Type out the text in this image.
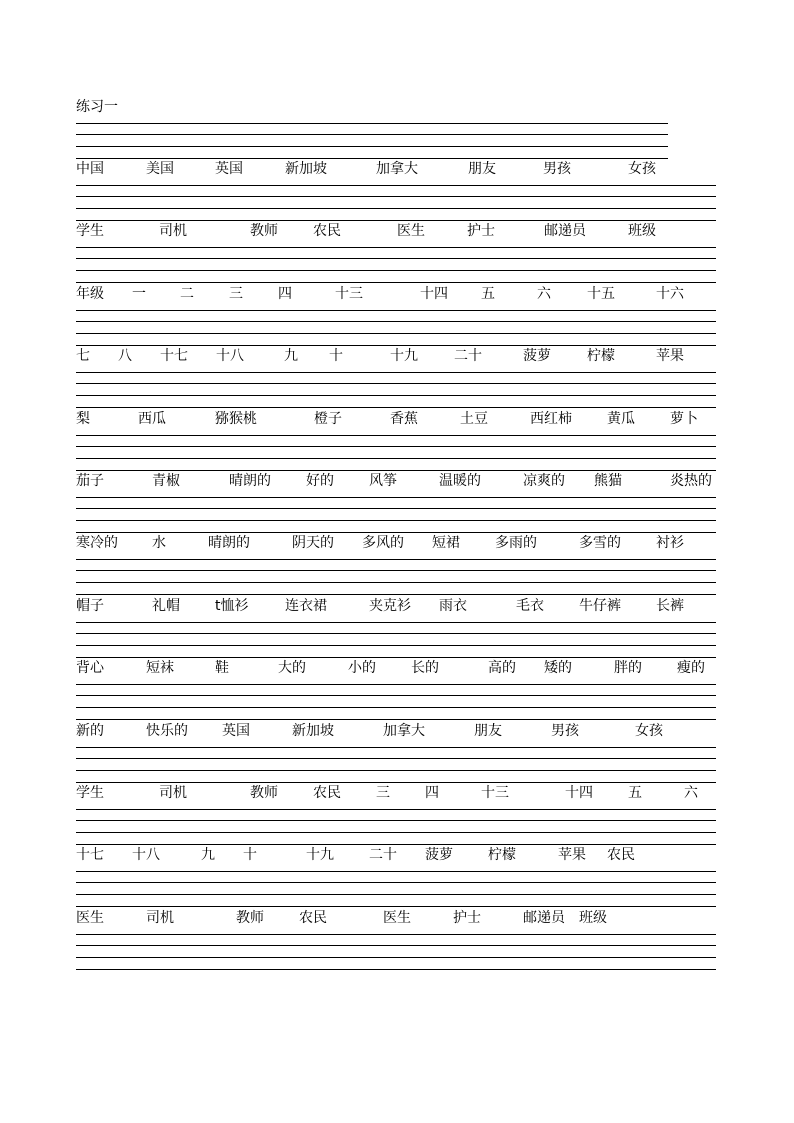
练习一
中国	美国	英国	新加坡	加拿大	朋友	男孩	女孩
学生	司机	教师	农民	医生	护士	邮递员	班级
年级 一 二	三	四	十三	十四 五	六	十五	十六
七 八 十七 十八	九 十	十九	二十	菠萝	柠檬	苹果
梨	西瓜	猕猴桃	橙子	香蕉	土豆	西红柿	黄瓜	萝卜
茄子	青椒	晴朗的	好的	风筝	温暖的	凉爽的 熊猫	炎热的
寒冷的 水	晴朗的	阴天的 多风的 短裙	多雨的	多雪的	衬衫
帽子	礼帽	t恤衫	连衣裙	夹克衫 雨衣	毛衣	牛仔裤	长裤
背心	短袜	鞋	大的	小的	长的	高的 矮的	胖的	瘦的
新的	快乐的 英国	新加坡	加拿大	朋友	男孩	女孩
学生	司机	教师	农民	三	四	十三	十四	五	六
十七 十八	九 十	十九	二十 菠萝	柠檬	苹果 农民
医生	司机	教师	农民	医生	护士	邮递员 班级
